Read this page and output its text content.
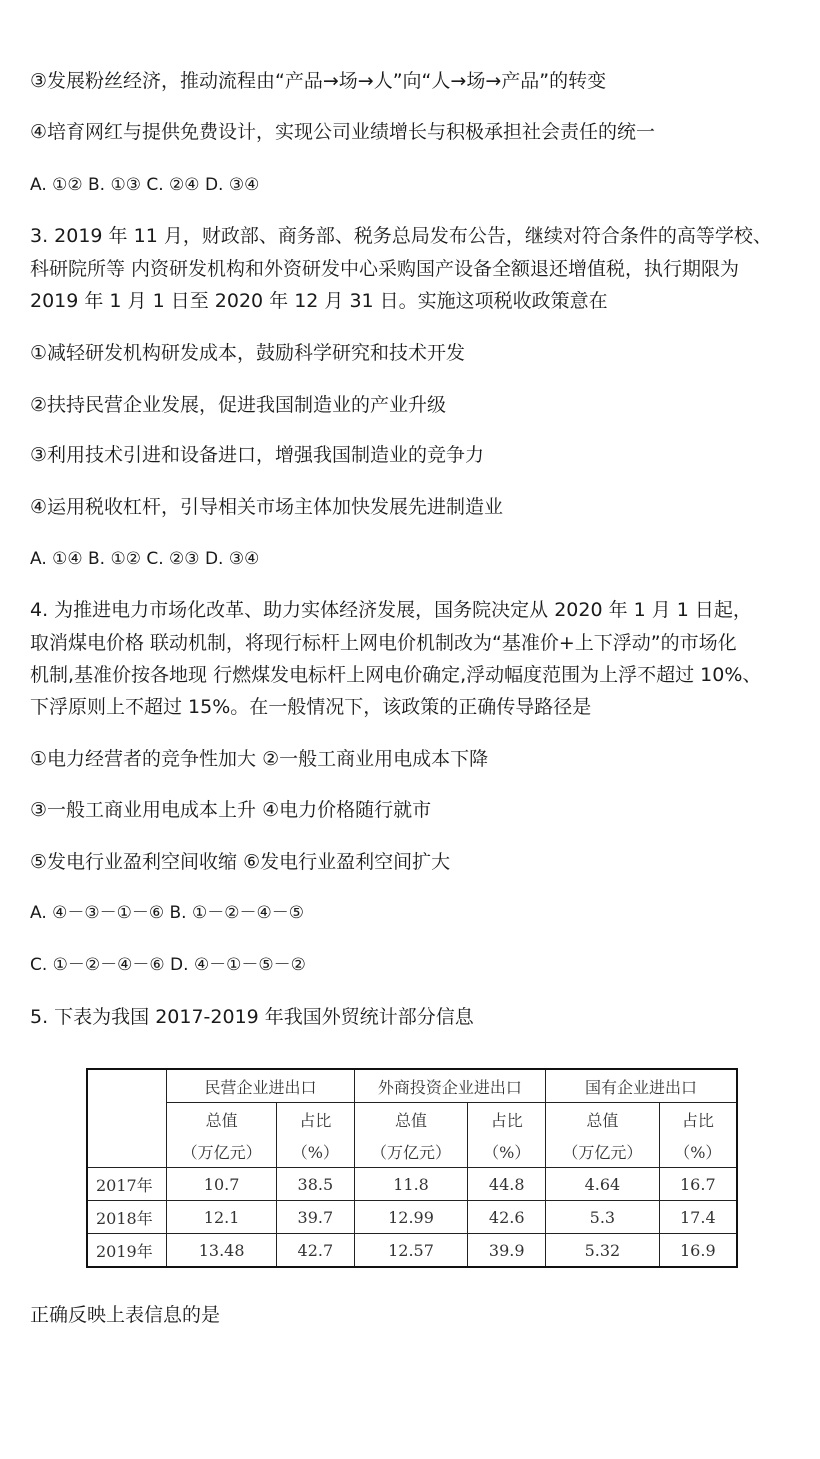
③发展粉丝经济，推动流程由“产品→场→人”向“人→场→产品”的转变
④培育网红与提供免费设计，实现公司业绩增长与积极承担社会责任的统一
A. ①② B. ①③ C. ②④ D. ③④
3. 2019 年 11 月，财政部、商务部、税务总局发布公告，继续对符合条件的高等学校、
科研院所等 内资研发机构和外资研发中心采购国产设备全额退还增值税，执行期限为
2019 年 1 月 1 日至 2020 年 12 月 31 日。实施这项税收政策意在
①减轻研发机构研发成本，鼓励科学研究和技术开发
②扶持民营企业发展，促进我国制造业的产业升级
③利用技术引进和设备进口，增强我国制造业的竞争力
④运用税收杠杆，引导相关市场主体加快发展先进制造业
A. ①④ B. ①② C. ②③ D. ③④
4. 为推进电力市场化改革、助力实体经济发展，国务院决定从 2020 年 1 月 1 日起，
取消煤电价格 联动机制，将现行标杆上网电价机制改为“基准价+上下浮动”的市场化
机制,基准价按各地现 行燃煤发电标杆上网电价确定,浮动幅度范围为上浮不超过 10%、
下浮原则上不超过 15%。在一般情况下，该政策的正确传导路径是
①电力经营者的竞争性加大 ②一般工商业用电成本下降
③一般工商业用电成本上升 ④电力价格随行就市
⑤发电行业盈利空间收缩 ⑥发电行业盈利空间扩大
A. ④－③－①－⑥ B. ①－②－④－⑤
C. ①－②－④－⑥ D. ④－①－⑤－②
5. 下表为我国 2017-2019 年我国外贸统计部分信息
	民营企业进出口		外商投资企业进出口		国有企业进出口	
	总值	占比	总值	占比	总值	占比
	（万亿元）	（%）	（万亿元）	（%）	（万亿元）	（%）
2017年	10.7	38.5	11.8	44.8	4.64	16.7
2018年	12.1	39.7	12.99	42.6	5.3	17.4
2019年	13.48	42.7	12.57	39.9	5.32	16.9
正确反映上表信息的是
